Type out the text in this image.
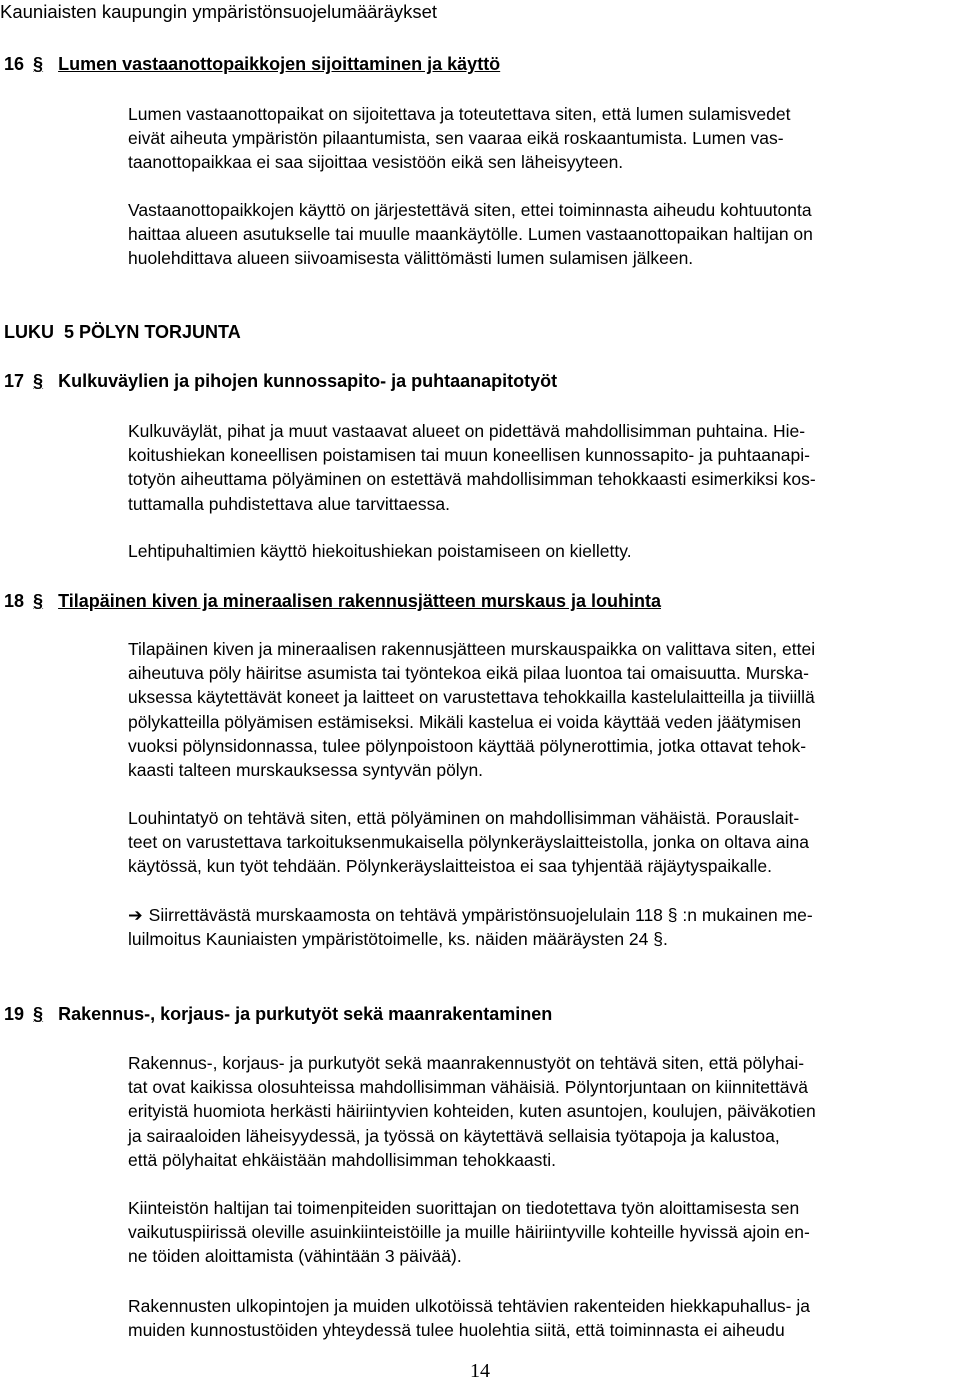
Kauniaisten kaupungin ympäristönsuojelumääräykset
16 § Lumen vastaanottopaikkojen sijoittaminen ja käyttö

Lumen vastaanottopaikat on sijoitettava ja toteutettava siten, että lumen sulamisvedet
eivät aiheuta ympäristön pilaantumista, sen vaaraa eikä roskaantumista. Lumen vas-
taanottopaikkaa ei saa sijoittaa vesistöön eikä sen läheisyyteen.

Vastaanottopaikkojen käyttö on järjestettävä siten, ettei toiminnasta aiheudu kohtuutonta
haittaa alueen asutukselle tai muulle maankäytölle. Lumen vastaanottopaikan haltijan on
huolehdittava alueen siivoamisesta välittömästi lumen sulamisen jälkeen.

LUKU  5 PÖLYN TORJUNTA
17 § Kulkuväylien ja pihojen kunnossapito- ja puhtaanapitotyöt

Kulkuväylät, pihat ja muut vastaavat alueet on pidettävä mahdollisimman puhtaina. Hie-
koitushiekan koneellisen poistamisen tai muun koneellisen kunnossapito- ja puhtaanapi-
totyön aiheuttama pölyäminen on estettävä mahdollisimman tehokkaasti esimerkiksi kos-
tuttamalla puhdistettava alue tarvittaessa.

Lehtipuhaltimien käyttö hiekoitushiekan poistamiseen on kielletty.

18 § Tilapäinen kiven ja mineraalisen rakennusjätteen murskaus ja louhinta

Tilapäinen kiven ja mineraalisen rakennusjätteen murskauspaikka on valittava siten, ettei
aiheutuva pöly häiritse asumista tai työntekoa eikä pilaa luontoa tai omaisuutta. Murska-
uksessa käytettävät koneet ja laitteet on varustettava tehokkailla kastelulaitteilla ja tiiviillä
pölykatteilla pölyämisen estämiseksi. Mikäli kastelua ei voida käyttää veden jäätymisen
vuoksi pölynsidonnassa, tulee pölynpoistoon käyttää pölynerottimia, jotka ottavat tehok-
kaasti talteen murskauksessa syntyvän pölyn.

Louhintatyö on tehtävä siten, että pölyäminen on mahdollisimman vähäistä. Porauslait-
teet on varustettava tarkoituksenmukaisella pölynkeräyslaitteistolla, jonka on oltava aina
käytössä, kun työt tehdään. Pölynkeräyslaitteistoa ei saa tyhjentää räjäytyspaikalle.

➔ Siirrettävästä murskaamosta on tehtävä ympäristönsuojelulain 118 § :n mukainen me-
luilmoitus Kauniaisten ympäristötoimelle, ks. näiden määräysten 24 §.

19 § Rakennus-, korjaus- ja purkutyöt sekä maanrakentaminen

Rakennus-, korjaus- ja purkutyöt sekä maanrakennustyöt on tehtävä siten, että pölyhai-
tat ovat kaikissa olosuhteissa mahdollisimman vähäisiä. Pölyntorjuntaan on kiinnitettävä
erityistä huomiota herkästi häiriintyvien kohteiden, kuten asuntojen, koulujen, päiväkotien
ja sairaaloiden läheisyydessä, ja työssä on käytettävä sellaisia työtapoja ja kalustoa,
että pölyhaitat ehkäistään mahdollisimman tehokkaasti.

Kiinteistön haltijan tai toimenpiteiden suorittajan on tiedotettava työn aloittamisesta sen
vaikutuspiirissä oleville asuinkiinteistöille ja muille häiriintyville kohteille hyvissä ajoin en-
ne töiden aloittamista (vähintään 3 päivää).

Rakennusten ulkopintojen ja muiden ulkotöissä tehtävien rakenteiden hiekkapuhallus- ja
muiden kunnostustöiden yhteydessä tulee huolehtia siitä, että toiminnasta ei aiheudu

14
